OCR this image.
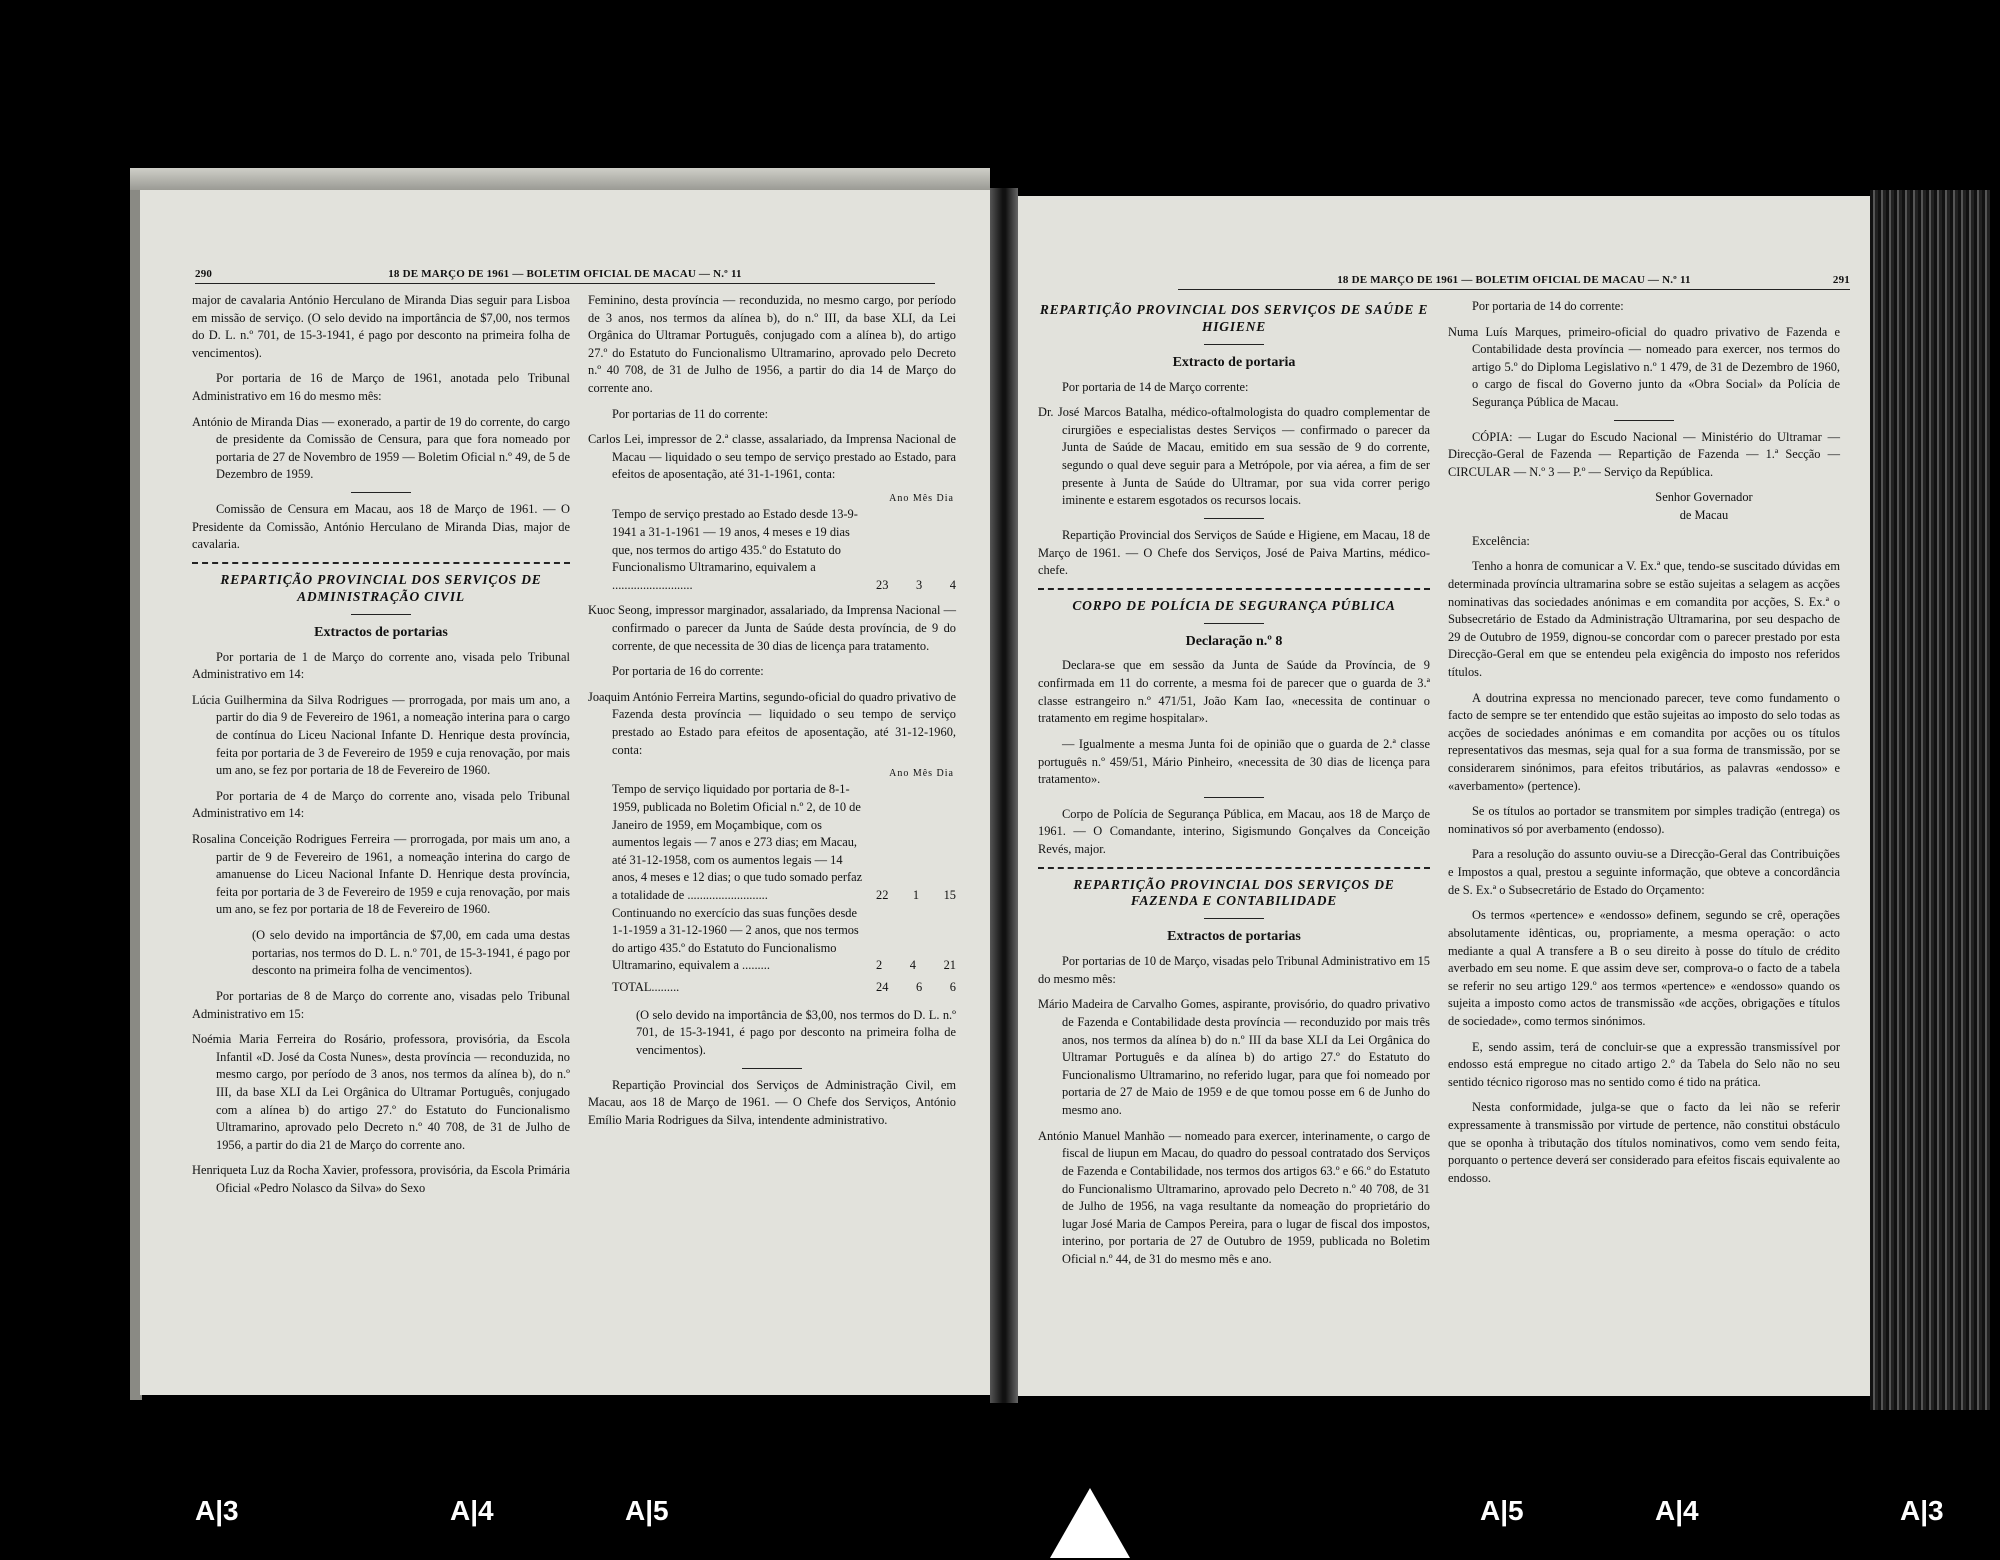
290	18 DE MARÇO DE 1961 — BOLETIM OFICIAL DE MACAU — N.º 11

major de cavalaria António Herculano de Miranda Dias seguir para Lisboa em missão de serviço. (O selo devido na importância de $7,00, nos termos do D. L. n.º 701, de 15-3-1941, é pago por desconto na primeira folha de vencimentos).

Por portaria de 16 de Março de 1961, anotada pelo Tribunal Administrativo em 16 do mesmo mês:

António de Miranda Dias — exonerado, a partir de 19 do corrente, do cargo de presidente da Comissão de Censura, para que fora nomeado por portaria de 27 de Novembro de 1959 — Boletim Oficial n.º 49, de 5 de Dezembro de 1959.

Comissão de Censura em Macau, aos 18 de Março de 1961. — O Presidente da Comissão, António Herculano de Miranda Dias, major de cavalaria.

REPARTIÇÃO PROVINCIAL DOS SERVIÇOS DE ADMINISTRAÇÃO CIVIL
Extractos de portarias

Por portaria de 1 de Março do corrente ano, visada pelo Tribunal Administrativo em 14:

Lúcia Guilhermina da Silva Rodrigues — prorrogada, por mais um ano, a partir do dia 9 de Fevereiro de 1961, a nomeação interina para o cargo de contínua do Liceu Nacional Infante D. Henrique desta província, feita por portaria de 3 de Fevereiro de 1959 e cuja renovação, por mais um ano, se fez por portaria de 18 de Fevereiro de 1960.

Por portaria de 4 de Março do corrente ano, visada pelo Tribunal Administrativo em 14:

Rosalina Conceição Rodrigues Ferreira — prorrogada, por mais um ano, a partir de 9 de Fevereiro de 1961, a nomeação interina do cargo de amanuense do Liceu Nacional Infante D. Henrique desta província, feita por portaria de 3 de Fevereiro de 1959 e cuja renovação, por mais um ano, se fez por portaria de 18 de Fevereiro de 1960.

(O selo devido na importância de $7,00, em cada uma destas portarias, nos termos do D. L. n.º 701, de 15-3-1941, é pago por desconto na primeira folha de vencimentos).

Por portarias de 8 de Março do corrente ano, visadas pelo Tribunal Administrativo em 15:

Noémia Maria Ferreira do Rosário, professora, provisória, da Escola Infantil «D. José da Costa Nunes», desta província — reconduzida, no mesmo cargo, por período de 3 anos, nos termos da alínea b), do n.º III, da base XLI da Lei Orgânica do Ultramar Português, conjugado com a alínea b) do artigo 27.º do Estatuto do Funcionalismo Ultramarino, aprovado pelo Decreto n.º 40 708, de 31 de Julho de 1956, a partir do dia 21 de Março do corrente ano.

Henriqueta Luz da Rocha Xavier, professora, provisória, da Escola Primária Oficial «Pedro Nolasco da Silva» do Sexo

Feminino, desta província — reconduzida, no mesmo cargo, por período de 3 anos, nos termos da alínea b), do n.º III, da base XLI, da Lei Orgânica do Ultramar Português, conjugado com a alínea b), do artigo 27.º do Estatuto do Funcionalismo Ultramarino, aprovado pelo Decreto n.º 40 708, de 31 de Julho de 1956, a partir do dia 14 de Março do corrente ano.

Por portarias de 11 do corrente:

Carlos Lei, impressor de 2.ª classe, assalariado, da Imprensa Nacional de Macau — liquidado o seu tempo de serviço prestado ao Estado, para efeitos de aposentação, até 31-1-1961, conta:

Ano Mês Dia
Tempo de serviço prestado ao Estado desde 13-9-1941 a 31-1-1961 — 19 anos, 4 meses e 19 dias que, nos termos do artigo 435.º do Estatuto do Funcionalismo Ultramarino, equivalem a ..........................	23 3 4

Kuoc Seong, impressor marginador, assalariado, da Imprensa Nacional — confirmado o parecer da Junta de Saúde desta província, de 9 do corrente, de que necessita de 30 dias de licença para tratamento.

Por portaria de 16 do corrente:

Joaquim António Ferreira Martins, segundo-oficial do quadro privativo de Fazenda desta província — liquidado o seu tempo de serviço prestado ao Estado para efeitos de aposentação, até 31-12-1960, conta:

Ano Mês Dia
Tempo de serviço liquidado por portaria de 8-1-1959, publicada no Boletim Oficial n.º 2, de 10 de Janeiro de 1959, em Moçambique, com os aumentos legais — 7 anos e 273 dias; em Macau, até 31-12-1958, com os aumentos legais — 14 anos, 4 meses e 12 dias; o que tudo somado perfaz a totalidade de ..........................	22 1 15
Continuando no exercício das suas funções desde 1-1-1959 a 31-12-1960 — 2 anos, que nos termos do artigo 435.º do Estatuto do Funcionalismo Ultramarino, equivalem a .........	2 4 21
TOTAL.........	24 6 6

(O selo devido na importância de $3,00, nos termos do D. L. n.º 701, de 15-3-1941, é pago por desconto na primeira folha de vencimentos).

Repartição Provincial dos Serviços de Administração Civil, em Macau, aos 18 de Março de 1961. — O Chefe dos Serviços, António Emílio Maria Rodrigues da Silva, intendente administrativo.

18 DE MARÇO DE 1961 — BOLETIM OFICIAL DE MACAU — N.º 11	291
REPARTIÇÃO PROVINCIAL DOS SERVIÇOS DE SAÚDE E HIGIENE
Extracto de portaria

Por portaria de 14 de Março corrente:

Dr. José Marcos Batalha, médico-oftalmologista do quadro complementar de cirurgiões e especialistas destes Serviços — confirmado o parecer da Junta de Saúde de Macau, emitido em sua sessão de 9 do corrente, segundo o qual deve seguir para a Metrópole, por via aérea, a fim de ser presente à Junta de Saúde do Ultramar, por sua vida correr perigo iminente e estarem esgotados os recursos locais.

Repartição Provincial dos Serviços de Saúde e Higiene, em Macau, 18 de Março de 1961. — O Chefe dos Serviços, José de Paiva Martins, médico-chefe.

CORPO DE POLÍCIA DE SEGURANÇA PÚBLICA
Declaração n.º 8

Declara-se que em sessão da Junta de Saúde da Província, de 9 confirmada em 11 do corrente, a mesma foi de parecer que o guarda de 3.ª classe estrangeiro n.º 471/51, João Kam Iao, «necessita de continuar o tratamento em regime hospitalar».

— Igualmente a mesma Junta foi de opinião que o guarda de 2.ª classe português n.º 459/51, Mário Pinheiro, «necessita de 30 dias de licença para tratamento».

Corpo de Polícia de Segurança Pública, em Macau, aos 18 de Março de 1961. — O Comandante, interino, Sigismundo Gonçalves da Conceição Revés, major.

REPARTIÇÃO PROVINCIAL DOS SERVIÇOS DE FAZENDA E CONTABILIDADE
Extractos de portarias

Por portarias de 10 de Março, visadas pelo Tribunal Administrativo em 15 do mesmo mês:

Mário Madeira de Carvalho Gomes, aspirante, provisório, do quadro privativo de Fazenda e Contabilidade desta província — reconduzido por mais três anos, nos termos da alínea b) do n.º III da base XLI da Lei Orgânica do Ultramar Português e da alínea b) do artigo 27.º do Estatuto do Funcionalismo Ultramarino, no referido lugar, para que foi nomeado por portaria de 27 de Maio de 1959 e de que tomou posse em 6 de Junho do mesmo ano.

António Manuel Manhão — nomeado para exercer, interinamente, o cargo de fiscal de liupun em Macau, do quadro do pessoal contratado dos Serviços de Fazenda e Contabilidade, nos termos dos artigos 63.º e 66.º do Estatuto do Funcionalismo Ultramarino, aprovado pelo Decreto n.º 40 708, de 31 de Julho de 1956, na vaga resultante da nomeação do proprietário do lugar José Maria de Campos Pereira, para o lugar de fiscal dos impostos, interino, por portaria de 27 de Outubro de 1959, publicada no Boletim Oficial n.º 44, de 31 do mesmo mês e ano.

Por portaria de 14 do corrente:

Numa Luís Marques, primeiro-oficial do quadro privativo de Fazenda e Contabilidade desta província — nomeado para exercer, nos termos do artigo 5.º do Diploma Legislativo n.º 1 479, de 31 de Dezembro de 1960, o cargo de fiscal do Governo junto da «Obra Social» da Polícia de Segurança Pública de Macau.

CÓPIA: — Lugar do Escudo Nacional — Ministério do Ultramar — Direcção-Geral de Fazenda — Repartição de Fazenda — 1.ª Secção — CIRCULAR — N.º 3 — P.º — Serviço da República.

Senhor Governador
de Macau

Excelência:

Tenho a honra de comunicar a V. Ex.ª que, tendo-se suscitado dúvidas em determinada província ultramarina sobre se estão sujeitas a selagem as acções nominativas das sociedades anónimas e em comandita por acções, S. Ex.ª o Subsecretário de Estado da Administração Ultramarina, por seu despacho de 29 de Outubro de 1959, dignou-se concordar com o parecer prestado por esta Direcção-Geral em que se entendeu pela exigência do imposto nos referidos títulos.

A doutrina expressa no mencionado parecer, teve como fundamento o facto de sempre se ter entendido que estão sujeitas ao imposto do selo todas as acções de sociedades anónimas e em comandita por acções ou os títulos representativos das mesmas, seja qual for a sua forma de transmissão, por se considerarem sinónimos, para efeitos tributários, as palavras «endosso» e «averbamento» (pertence).

Se os títulos ao portador se transmitem por simples tradição (entrega) os nominativos só por averbamento (endosso).

Para a resolução do assunto ouviu-se a Direcção-Geral das Contribuições e Impostos a qual, prestou a seguinte informação, que obteve a concordância de S. Ex.ª o Subsecretário de Estado do Orçamento:

Os termos «pertence» e «endosso» definem, segundo se crê, operações absolutamente idênticas, ou, propriamente, a mesma operação: o acto mediante a qual A transfere a B o seu direito à posse do título de crédito averbado em seu nome. E que assim deve ser, comprova-o o facto de a tabela se referir no seu artigo 129.º aos termos «pertence» e «endosso» quando os sujeita a imposto como actos de transmissão «de acções, obrigações e títulos de sociedade», como termos sinónimos.

E, sendo assim, terá de concluir-se que a expressão transmissível por endosso está empregue no citado artigo 2.º da Tabela do Selo não no seu sentido técnico rigoroso mas no sentido como é tido na prática.

Nesta conformidade, julga-se que o facto da lei não se referir expressamente à transmissão por virtude de pertence, não constitui obstáculo que se oponha à tributação dos títulos nominativos, como vem sendo feita, porquanto o pertence deverá ser considerado para efeitos fiscais equivalente ao endosso.

A|3	A|4	A|5	A|5	A|4	A|3
